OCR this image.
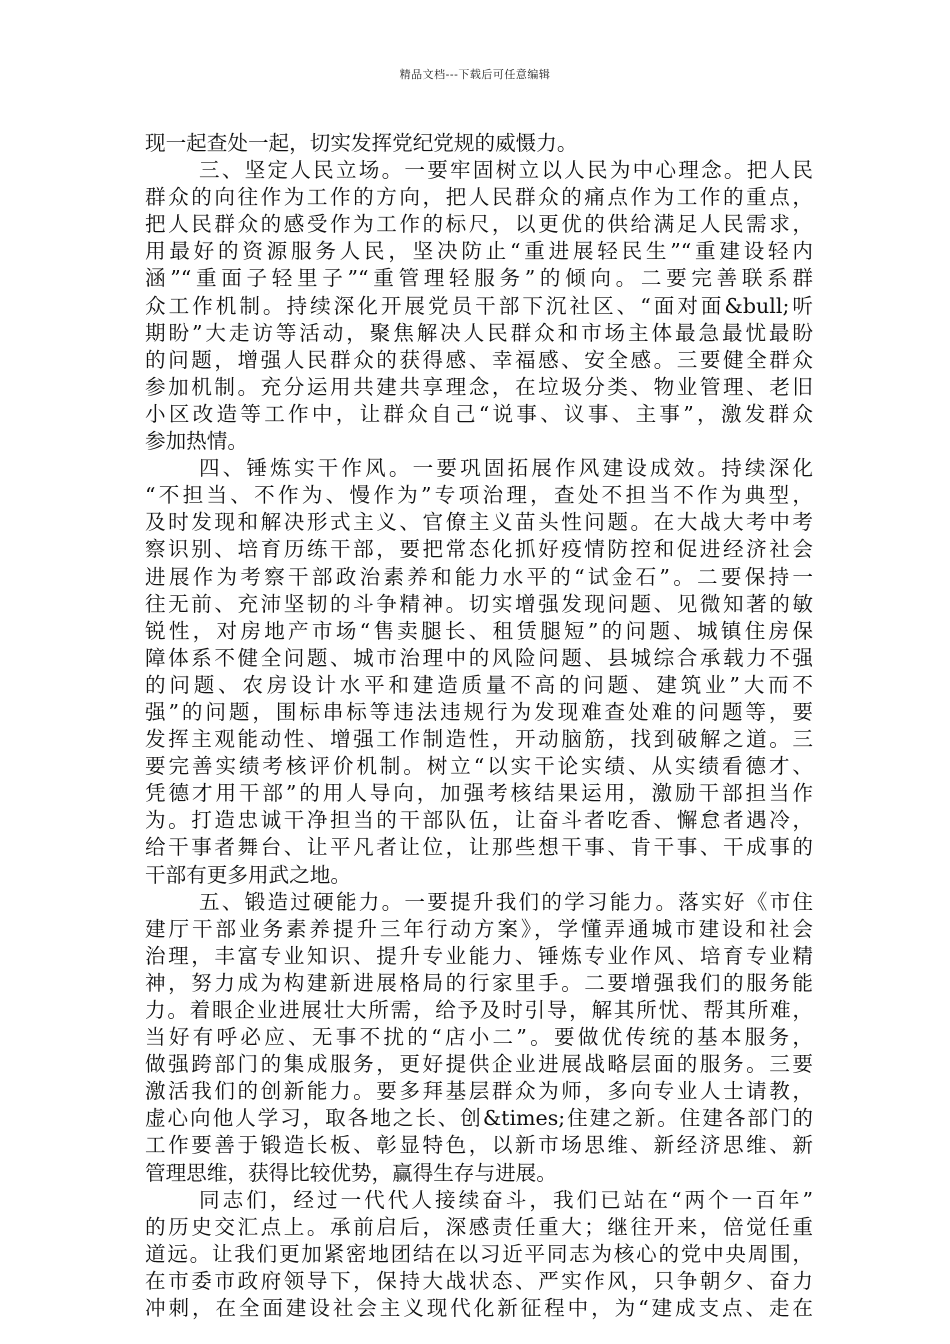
精品文档---下载后可任意编辑
现一起查处一起，切实发挥党纪党规的威慑力。
三、坚定人民立场。一要牢固树立以人民为中心理念。把人民
群众的向往作为工作的方向，把人民群众的痛点作为工作的重点，
把人民群众的感受作为工作的标尺，以更优的供给满足人民需求，
用最好的资源服务人民，坚决防止“重进展轻民生”“重建设轻内
涵”“重面子轻里子”“重管理轻服务”的倾向。二要完善联系群
众工作机制。持续深化开展党员干部下沉社区、“面对面&bull;听
期盼”大走访等活动，聚焦解决人民群众和市场主体最急最忧最盼
的问题，增强人民群众的获得感、幸福感、安全感。三要健全群众
参加机制。充分运用共建共享理念，在垃圾分类、物业管理、老旧
小区改造等工作中，让群众自己“说事、议事、主事”，激发群众
参加热情。
四、锤炼实干作风。一要巩固拓展作风建设成效。持续深化
“不担当、不作为、慢作为”专项治理，查处不担当不作为典型，
及时发现和解决形式主义、官僚主义苗头性问题。在大战大考中考
察识别、培育历练干部，要把常态化抓好疫情防控和促进经济社会
进展作为考察干部政治素养和能力水平的“试金石”。二要保持一
往无前、充沛坚韧的斗争精神。切实增强发现问题、见微知著的敏
锐性，对房地产市场“售卖腿长、租赁腿短”的问题、城镇住房保
障体系不健全问题、城市治理中的风险问题、县城综合承载力不强
的问题、农房设计水平和建造质量不高的问题、建筑业”大而不
强”的问题，围标串标等违法违规行为发现难查处难的问题等，要
发挥主观能动性、增强工作制造性，开动脑筋，找到破解之道。三
要完善实绩考核评价机制。树立“以实干论实绩、从实绩看德才、
凭德才用干部”的用人导向，加强考核结果运用，激励干部担当作
为。打造忠诚干净担当的干部队伍，让奋斗者吃香、懈怠者遇冷，
给干事者舞台、让平凡者让位，让那些想干事、肯干事、干成事的
干部有更多用武之地。
五、锻造过硬能力。一要提升我们的学习能力。落实好《市住
建厅干部业务素养提升三年行动方案》，学懂弄通城市建设和社会
治理，丰富专业知识、提升专业能力、锤炼专业作风、培育专业精
神，努力成为构建新进展格局的行家里手。二要增强我们的服务能
力。着眼企业进展壮大所需，给予及时引导，解其所忧、帮其所难，
当好有呼必应、无事不扰的“店小二”。要做优传统的基本服务，
做强跨部门的集成服务，更好提供企业进展战略层面的服务。三要
激活我们的创新能力。要多拜基层群众为师，多向专业人士请教，
虚心向他人学习，取各地之长、创&times;住建之新。住建各部门的
工作要善于锻造长板、彰显特色，以新市场思维、新经济思维、新
管理思维，获得比较优势，赢得生存与进展。
同志们，经过一代代人接续奋斗，我们已站在“两个一百年”
的历史交汇点上。承前启后，深感责任重大；继往开来，倍觉任重
道远。让我们更加紧密地团结在以习近平同志为核心的党中央周围，
在市委市政府领导下，保持大战状态、严实作风，只争朝夕、奋力
冲刺，在全面建设社会主义现代化新征程中，为“建成支点、走在
